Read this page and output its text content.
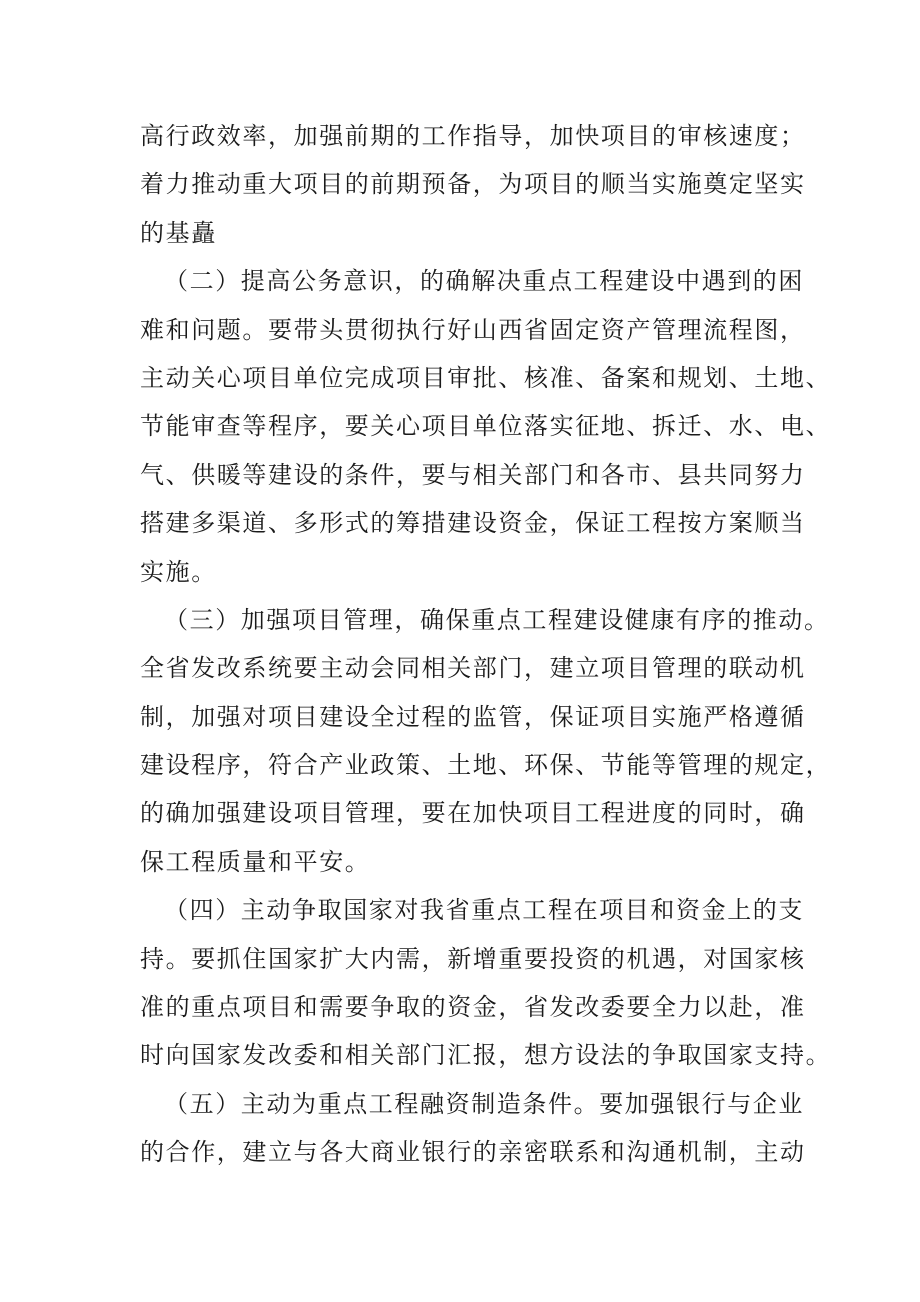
高行政效率，加强前期的工作指导，加快项目的审核速度；
着力推动重大项目的前期预备，为项目的顺当实施奠定坚实
的基矗
（二）提高公务意识，的确解决重点工程建设中遇到的困
难和问题。要带头贯彻执行好山西省固定资产管理流程图，
主动关心项目单位完成项目审批、核准、备案和规划、土地、
节能审查等程序，要关心项目单位落实征地、拆迁、水、电、
气、供暖等建设的条件，要与相关部门和各市、县共同努力
搭建多渠道、多形式的筹措建设资金，保证工程按方案顺当
实施。
（三）加强项目管理，确保重点工程建设健康有序的推动。
全省发改系统要主动会同相关部门，建立项目管理的联动机
制，加强对项目建设全过程的监管，保证项目实施严格遵循
建设程序，符合产业政策、土地、环保、节能等管理的规定，
的确加强建设项目管理，要在加快项目工程进度的同时，确
保工程质量和平安。
（四）主动争取国家对我省重点工程在项目和资金上的支
持。要抓住国家扩大内需，新增重要投资的机遇，对国家核
准的重点项目和需要争取的资金，省发改委要全力以赴，准
时向国家发改委和相关部门汇报，想方设法的争取国家支持。
（五）主动为重点工程融资制造条件。要加强银行与企业
的合作，建立与各大商业银行的亲密联系和沟通机制，主动
